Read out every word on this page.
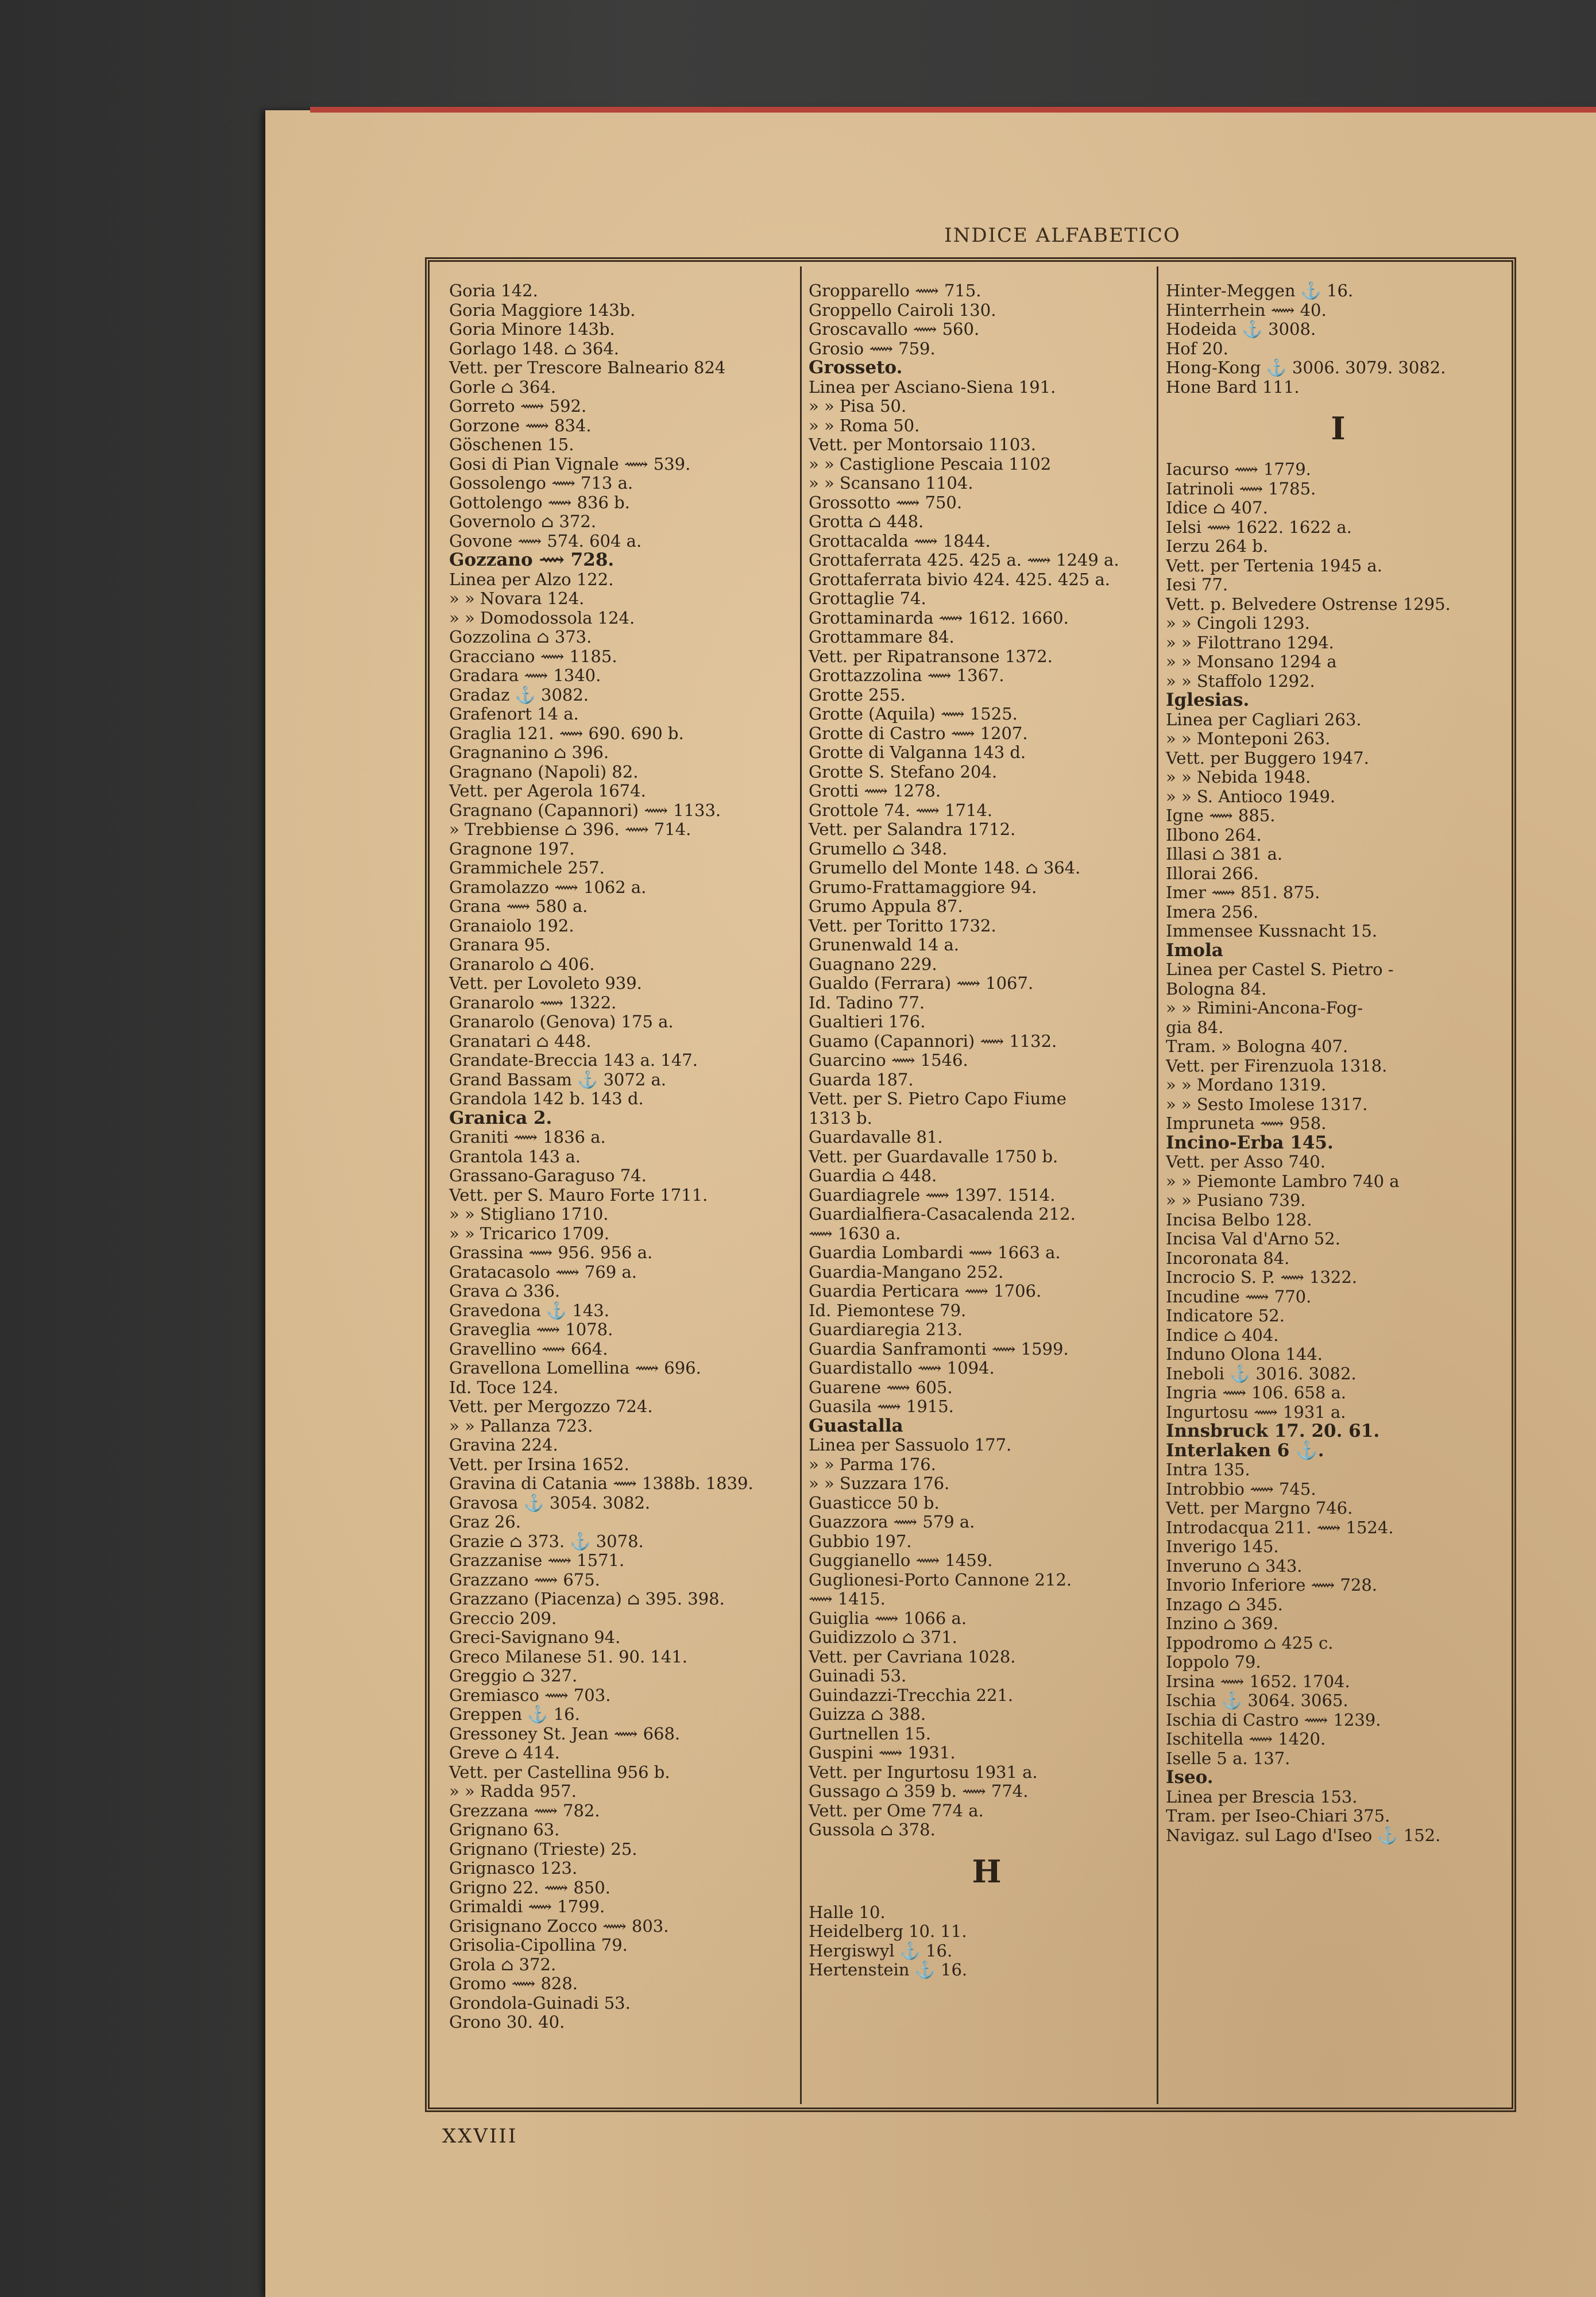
INDICE ALFABETICO
Goria 142.
Goria Maggiore 143b.
Goria Minore 143b.
Gorlago 148. ⌂ 364.
Vett. per Trescore Balneario 824
Gorle ⌂ 364.
Gorreto ⟿ 592.
Gorzone ⟿ 834.
Göschenen 15.
Gosi di Pian Vignale ⟿ 539.
Gossolengo ⟿ 713 a.
Gottolengo ⟿ 836 b.
Governolo ⌂ 372.
Govone ⟿ 574. 604 a.
Gozzano ⟿ 728.
Linea per Alzo 122.
» » Novara 124.
» » Domodossola 124.
Gozzolina ⌂ 373.
Gracciano ⟿ 1185.
Gradara ⟿ 1340.
Gradaz ⚓ 3082.
Grafenort 14 a.
Graglia 121. ⟿ 690. 690 b.
Gragnanino ⌂ 396.
Gragnano (Napoli) 82.
Vett. per Agerola 1674.
Gragnano (Capannori) ⟿ 1133.
» Trebbiense ⌂ 396. ⟿ 714.
Gragnone 197.
Grammichele 257.
Gramolazzo ⟿ 1062 a.
Grana ⟿ 580 a.
Granaiolo 192.
Granara 95.
Granarolo ⌂ 406.
Vett. per Lovoleto 939.
Granarolo ⟿ 1322.
Granarolo (Genova) 175 a.
Granatari ⌂ 448.
Grandate-Breccia 143 a. 147.
Grand Bassam ⚓ 3072 a.
Grandola 142 b. 143 d.
Granica 2.
Graniti ⟿ 1836 a.
Grantola 143 a.
Grassano-Garaguso 74.
Vett. per S. Mauro Forte 1711.
» » Stigliano 1710.
» » Tricarico 1709.
Grassina ⟿ 956. 956 a.
Gratacasolo ⟿ 769 a.
Grava ⌂ 336.
Gravedona ⚓ 143.
Graveglia ⟿ 1078.
Gravellino ⟿ 664.
Gravellona Lomellina ⟿ 696.
Id. Toce 124.
Vett. per Mergozzo 724.
» » Pallanza 723.
Gravina 224.
Vett. per Irsina 1652.
Gravina di Catania ⟿ 1388b. 1839.
Gravosa ⚓ 3054. 3082.
Graz 26.
Grazie ⌂ 373. ⚓ 3078.
Grazzanise ⟿ 1571.
Grazzano ⟿ 675.
Grazzano (Piacenza) ⌂ 395. 398.
Greccio 209.
Greci-Savignano 94.
Greco Milanese 51. 90. 141.
Greggio ⌂ 327.
Gremiasco ⟿ 703.
Greppen ⚓ 16.
Gressoney St. Jean ⟿ 668.
Greve ⌂ 414.
Vett. per Castellina 956 b.
» » Radda 957.
Grezzana ⟿ 782.
Grignano 63.
Grignano (Trieste) 25.
Grignasco 123.
Grigno 22. ⟿ 850.
Grimaldi ⟿ 1799.
Grisignano Zocco ⟿ 803.
Grisolia-Cipollina 79.
Grola ⌂ 372.
Gromo ⟿ 828.
Grondola-Guinadi 53.
Grono 30. 40.
Gropparello ⟿ 715.
Groppello Cairoli 130.
Groscavallo ⟿ 560.
Grosio ⟿ 759.
Grosseto.
Linea per Asciano-Siena 191.
» » Pisa 50.
» » Roma 50.
Vett. per Montorsaio 1103.
» » Castiglione Pescaia 1102
» » Scansano 1104.
Grossotto ⟿ 750.
Grotta ⌂ 448.
Grottacalda ⟿ 1844.
Grottaferrata 425. 425 a. ⟿ 1249 a.
Grottaferrata bivio 424. 425. 425 a.
Grottaglie 74.
Grottaminarda ⟿ 1612. 1660.
Grottammare 84.
Vett. per Ripatransone 1372.
Grottazzolina ⟿ 1367.
Grotte 255.
Grotte (Aquila) ⟿ 1525.
Grotte di Castro ⟿ 1207.
Grotte di Valganna 143 d.
Grotte S. Stefano 204.
Grotti ⟿ 1278.
Grottole 74. ⟿ 1714.
Vett. per Salandra 1712.
Grumello ⌂ 348.
Grumello del Monte 148. ⌂ 364.
Grumo-Frattamaggiore 94.
Grumo Appula 87.
Vett. per Toritto 1732.
Grunenwald 14 a.
Guagnano 229.
Gualdo (Ferrara) ⟿ 1067.
Id. Tadino 77.
Gualtieri 176.
Guamo (Capannori) ⟿ 1132.
Guarcino ⟿ 1546.
Guarda 187.
Vett. per S. Pietro Capo Fiume
1313 b.
Guardavalle 81.
Vett. per Guardavalle 1750 b.
Guardia ⌂ 448.
Guardiagrele ⟿ 1397. 1514.
Guardialfiera-Casacalenda 212.
⟿ 1630 a.
Guardia Lombardi ⟿ 1663 a.
Guardia-Mangano 252.
Guardia Perticara ⟿ 1706.
Id. Piemontese 79.
Guardiaregia 213.
Guardia Sanframonti ⟿ 1599.
Guardistallo ⟿ 1094.
Guarene ⟿ 605.
Guasila ⟿ 1915.
Guastalla
Linea per Sassuolo 177.
» » Parma 176.
» » Suzzara 176.
Guasticce 50 b.
Guazzora ⟿ 579 a.
Gubbio 197.
Guggianello ⟿ 1459.
Guglionesi-Porto Cannone 212.
⟿ 1415.
Guiglia ⟿ 1066 a.
Guidizzolo ⌂ 371.
Vett. per Cavriana 1028.
Guinadi 53.
Guindazzi-Trecchia 221.
Guizza ⌂ 388.
Gurtnellen 15.
Guspini ⟿ 1931.
Vett. per Ingurtosu 1931 a.
Gussago ⌂ 359 b. ⟿ 774.
Vett. per Ome 774 a.
Gussola ⌂ 378.
H
Halle 10.
Heidelberg 10. 11.
Hergiswyl ⚓ 16.
Hertenstein ⚓ 16.
Hinter-Meggen ⚓ 16.
Hinterrhein ⟿ 40.
Hodeida ⚓ 3008.
Hof 20.
Hong-Kong ⚓ 3006. 3079. 3082.
Hone Bard 111.
I
Iacurso ⟿ 1779.
Iatrinoli ⟿ 1785.
Idice ⌂ 407.
Ielsi ⟿ 1622. 1622 a.
Ierzu 264 b.
Vett. per Tertenia 1945 a.
Iesi 77.
Vett. p. Belvedere Ostrense 1295.
» » Cingoli 1293.
» » Filottrano 1294.
» » Monsano 1294 a
» » Staffolo 1292.
Iglesias.
Linea per Cagliari 263.
» » Monteponi 263.
Vett. per Buggero 1947.
» » Nebida 1948.
» » S. Antioco 1949.
Igne ⟿ 885.
Ilbono 264.
Illasi ⌂ 381 a.
Illorai 266.
Imer ⟿ 851. 875.
Imera 256.
Immensee Kussnacht 15.
Imola
Linea per Castel S. Pietro -
Bologna 84.
» » Rimini-Ancona-Fog-
gia 84.
Tram. » Bologna 407.
Vett. per Firenzuola 1318.
» » Mordano 1319.
» » Sesto Imolese 1317.
Impruneta ⟿ 958.
Incino-Erba 145.
Vett. per Asso 740.
» » Piemonte Lambro 740 a
» » Pusiano 739.
Incisa Belbo 128.
Incisa Val d'Arno 52.
Incoronata 84.
Incrocio S. P. ⟿ 1322.
Incudine ⟿ 770.
Indicatore 52.
Indice ⌂ 404.
Induno Olona 144.
Ineboli ⚓ 3016. 3082.
Ingria ⟿ 106. 658 a.
Ingurtosu ⟿ 1931 a.
Innsbruck 17. 20. 61.
Interlaken 6 ⚓.
Intra 135.
Introbbio ⟿ 745.
Vett. per Margno 746.
Introdacqua 211. ⟿ 1524.
Inverigo 145.
Inveruno ⌂ 343.
Invorio Inferiore ⟿ 728.
Inzago ⌂ 345.
Inzino ⌂ 369.
Ippodromo ⌂ 425 c.
Ioppolo 79.
Irsina ⟿ 1652. 1704.
Ischia ⚓ 3064. 3065.
Ischia di Castro ⟿ 1239.
Ischitella ⟿ 1420.
Iselle 5 a. 137.
Iseo.
Linea per Brescia 153.
Tram. per Iseo-Chiari 375.
Navigaz. sul Lago d'Iseo ⚓ 152.
XXVIII
